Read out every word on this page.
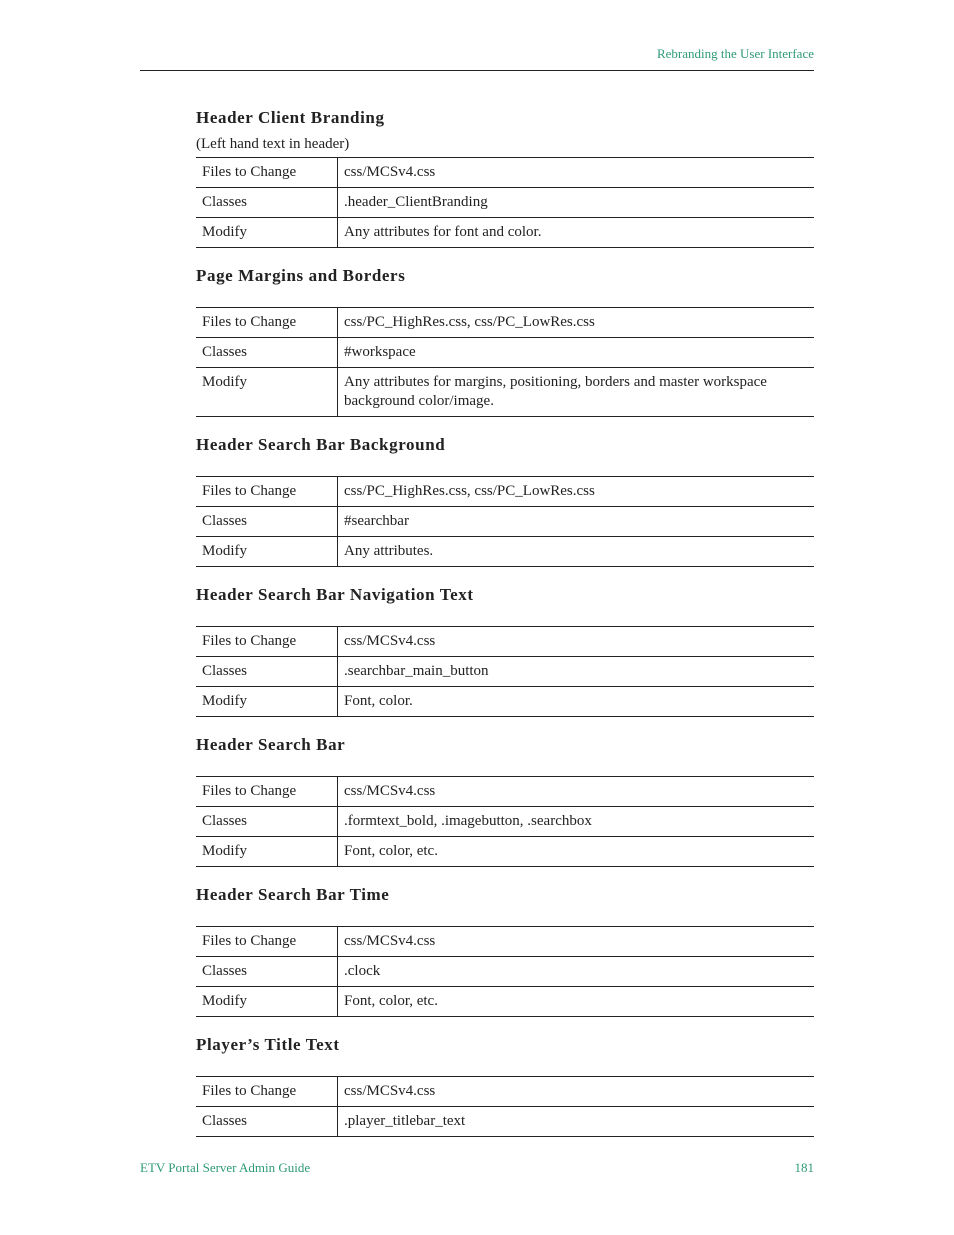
Rebranding the User Interface
Header Client Branding
(Left hand text in header)
Files to Change	css/MCSv4.css
Classes	.header_ClientBranding
Modify	Any attributes for font and color.
Page Margins and Borders
Files to Change	css/PC_HighRes.css, css/PC_LowRes.css
Classes	#workspace
Modify	Any attributes for margins, positioning, borders and master workspace background color/image.
Header Search Bar Background
Files to Change	css/PC_HighRes.css, css/PC_LowRes.css
Classes	#searchbar
Modify	Any attributes.
Header Search Bar Navigation Text
Files to Change	css/MCSv4.css
Classes	.searchbar_main_button
Modify	Font, color.
Header Search Bar
Files to Change	css/MCSv4.css
Classes	.formtext_bold, .imagebutton, .searchbox
Modify	Font, color, etc.
Header Search Bar Time
Files to Change	css/MCSv4.css
Classes	.clock
Modify	Font, color, etc.
Player’s Title Text
Files to Change	css/MCSv4.css
Classes	.player_titlebar_text
ETV Portal Server Admin Guide	181
